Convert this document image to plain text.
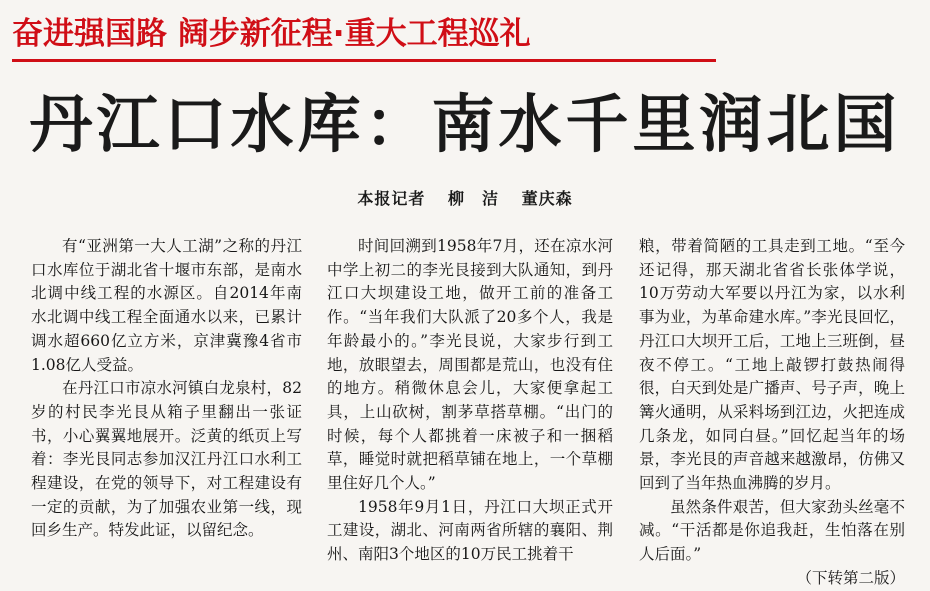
奋进强国路 阔步新征程·重大工程巡礼
丹江口水库：南水千里润北国
本报记者 柳　洁 董庆森

有“亚洲第一大人工湖”之称的丹江口水库位于湖北省十堰市东部，是南水北调中线工程的水源区。自2014年南水北调中线工程全面通水以来，已累计调水超660亿立方米，京津冀豫4省市1.08亿人受益。

在丹江口市凉水河镇白龙泉村，82岁的村民李光艮从箱子里翻出一张证书，小心翼翼地展开。泛黄的纸页上写着：李光艮同志参加汉江丹江口水利工程建设，在党的领导下，对工程建设有一定的贡献，为了加强农业第一线，现回乡生产。特发此证，以留纪念。

时间回溯到1958年7月，还在凉水河中学上初二的李光艮接到大队通知，到丹江口大坝建设工地，做开工前的准备工作。“当年我们大队派了20多个人，我是年龄最小的。”李光艮说，大家步行到工地，放眼望去，周围都是荒山，也没有住的地方。稍微休息会儿，大家便拿起工具，上山砍树，割茅草搭草棚。“出门的时候，每个人都挑着一床被子和一捆稻草，睡觉时就把稻草铺在地上，一个草棚里住好几个人。”

1958年9月1日，丹江口大坝正式开工建设，湖北、河南两省所辖的襄阳、荆州、南阳3个地区的10万民工挑着干

粮，带着简陋的工具走到工地。“至今还记得，那天湖北省省长张体学说，10万劳动大军要以丹江为家，以水利事为业，为革命建水库。”李光艮回忆，丹江口大坝开工后，工地上三班倒，昼夜不停工。“工地上敲锣打鼓热闹得很，白天到处是广播声、号子声，晚上篝火通明，从采料场到江边，火把连成几条龙，如同白昼。”回忆起当年的场景，李光艮的声音越来越激昂，仿佛又回到了当年热血沸腾的岁月。

虽然条件艰苦，但大家劲头丝毫不减。“干活都是你追我赶，生怕落在别人后面。”

（下转第二版）
